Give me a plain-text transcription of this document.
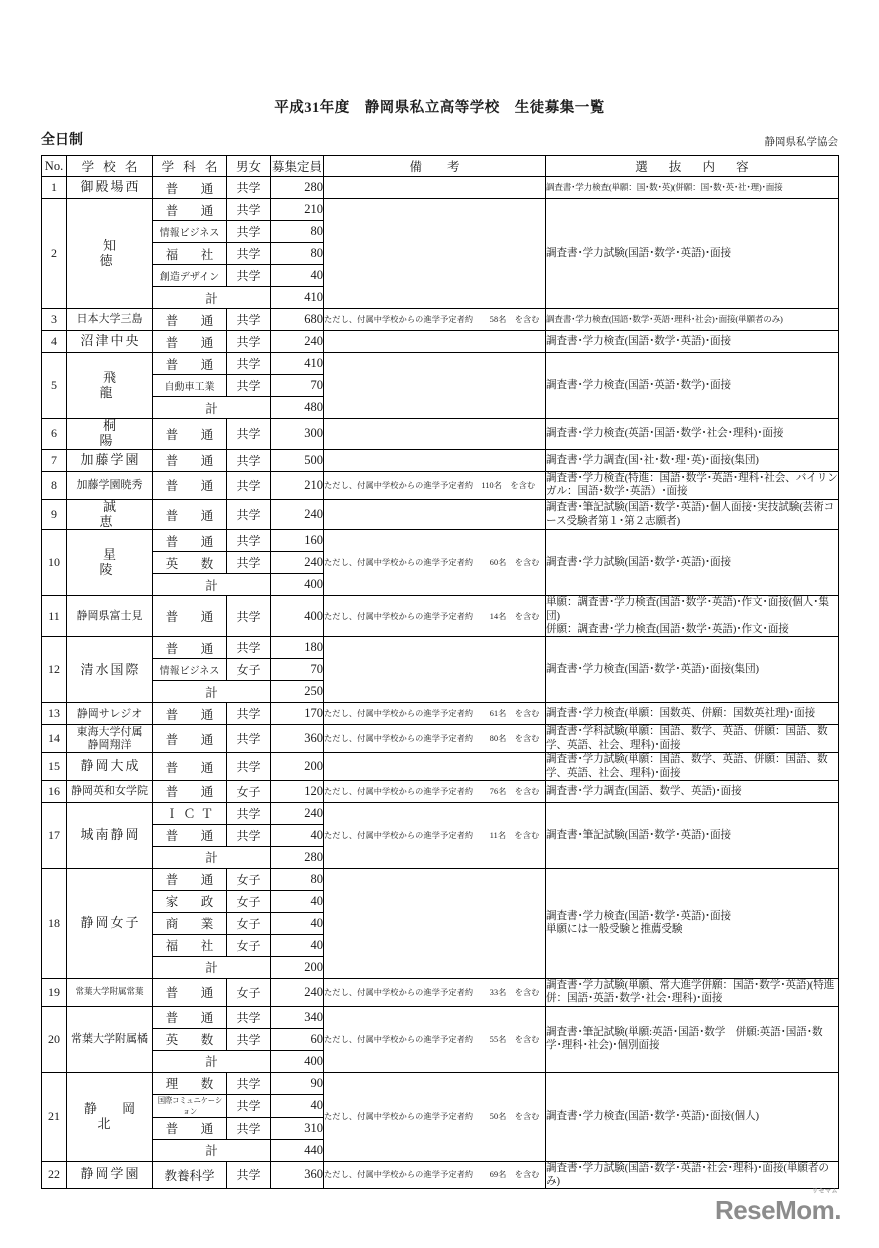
平成31年度　静岡県私立高等学校　生徒募集一覧
全日制	静岡県私学協会
No.	学 校 名	学 科 名	男女	募集定員	備　　考	選 抜 内 容
1	御殿場西	普　通	共学	280		調査書･学力検査(単願：国･数･英)(併願：国･数･英･社･理)･面接

2	知　　徳	普　通	共学	210		調査書･学力試験(国語･数学･英語)･面接

		情報ビジネス	共学	80		
		福　社	共学	80		
		創造デザイン	共学	40		
		計		410		
3	日本大学三島	普　通	共学	680	ただし、付属中学校からの進学予定者約　　58名　を含む	調査書･学力検査(国語･数学･英語･理科･社会)･面接(単願者のみ)

4	沼津中央	普　通	共学	240		調査書･学力検査(国語･数学･英語)･面接

5	飛　　龍	普　通	共学	410		調査書･学力検査(国語･英語･数学)･面接

		自動車工業	共学	70		
		計		480		
6	桐　　陽	普　通	共学	300		調査書･学力検査(英語･国語･数学･社会･理科)･面接

7	加藤学園	普　通	共学	500		調査書･学力調査(国･社･数･理･英)･面接(集団)

8	加藤学園暁秀	普　通	共学	210	ただし、付属中学校からの進学予定者約　110名　を含む	調査書･学力検査(特進：国語･数学･英語･理科･社会、バイリンガル：国語･数学･英語）･面接

9	誠　　恵	普　通	共学	240		調査書･筆記試験(国語･数学･英語)･個人面接･実技試験(芸術コース受験者第１･第２志願者)

10	星　　陵	普　通	共学	160	ただし、付属中学校からの進学予定者約　　60名　を含む	調査書･学力試験(国語･数学･英語)･面接

		英　数	共学	240		
		計		400		
11	静岡県富士見	普　通	共学	400	ただし、付属中学校からの進学予定者約　　14名　を含む	単願：調査書･学力検査(国語･数学･英語)･作文･面接(個人･集団)
併願：調査書･学力検査(国語･数学･英語)･作文･面接

12	清水国際	普　通	共学	180		調査書･学力検査(国語･数学･英語)･面接(集団)

		情報ビジネス	女子	70		
		計		250		
13	静岡サレジオ	普　通	共学	170	ただし、付属中学校からの進学予定者約　　61名　を含む	調査書･学力検査(単願：国数英、併願：国数英社理)･面接

14	東海大学付属
静岡翔洋	普　通	共学	360	ただし、付属中学校からの進学予定者約　　80名　を含む	調査書･学科試験(単願：国語、数学、英語、併願：国語、数学、英語、社会、理科)･面接

15	静岡大成	普　通	共学	200		調査書･学力試験(単願：国語、数学、英語、併願：国語、数学、英語、社会、理科)･面接

16	静岡英和女学院	普　通	女子	120	ただし、付属中学校からの進学予定者約　　76名　を含む	調査書･学力調査(国語、数学、英語)･面接

17	城南静岡	ＩＣＴ	共学	240	ただし、付属中学校からの進学予定者約　　11名　を含む	調査書･筆記試験(国語･数学･英語)･面接

		普　通	共学	40		
		計		280		
18	静岡女子	普　通	女子	80		調査書･学力検査(国語･数学･英語)･面接
単願には一般受験と推薦受験

		家　政	女子	40		
		商　業	女子	40		
		福　社	女子	40		
		計		200		
19	常葉大学附属常葉	普　通	女子	240	ただし、付属中学校からの進学予定者約　　33名　を含む	調査書･学力試験(単願、常大進学併願：国語･数学･英語)(特進併：国語･英語･数学･社会･理科)･面接

20	常葉大学附属橘	普　通	共学	340	ただし、付属中学校からの進学予定者約　　55名　を含む	調査書･筆記試験(単願:英語･国語･数学　併願:英語･国語･数学･理科･社会)･個別面接

		英　数	共学	60		
		計		400		
21	静 岡 北	理　数	共学	90	ただし、付属中学校からの進学予定者約　　50名　を含む	調査書･学力検査(国語･数学･英語)･面接(個人)

		国際コミュニケーション	共学	40		
		普　通	共学	310		
		計		440		
22	静岡学園	教養科学	共学	360	ただし、付属中学校からの進学予定者約　　69名　を含む	調査書･学力試験(国語･数学･英語･社会･理科)･面接(単願者のみ)
ReseMom.
リセマム
